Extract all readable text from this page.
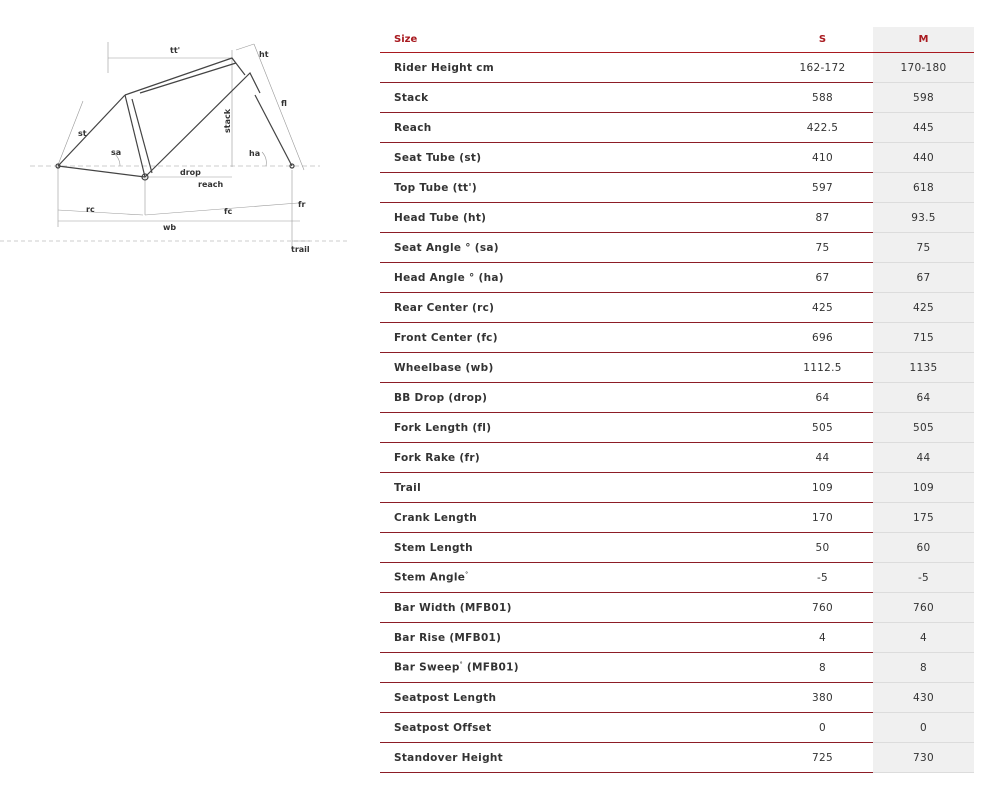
tt'	ht
st
stack
fl
sa	ha
drop
reach
rc	fc
fr
wb
trail
Size	S	M
Rider Height cm	162-172	170-180
Stack	588	598
Reach	422.5	445
Seat Tube (st)	410	440
Top Tube (tt')	597	618
Head Tube (ht)	87	93.5
Seat Angle ° (sa)	75	75
Head Angle ° (ha)	67	67
Rear Center (rc)	425	425
Front Center (fc)	696	715
Wheelbase (wb)	1112.5	1135
BB Drop (drop)	64	64
Fork Length (fl)	505	505
Fork Rake (fr)	44	44
Trail	109	109
Crank Length	170	175
Stem Length	50	60
Stem Angle°	-5	-5
Bar Width (MFB01)	760	760
Bar Rise (MFB01)	4	4
Bar Sweep° (MFB01)	8	8
Seatpost Length	380	430
Seatpost Offset	0	0
Standover Height	725	730
